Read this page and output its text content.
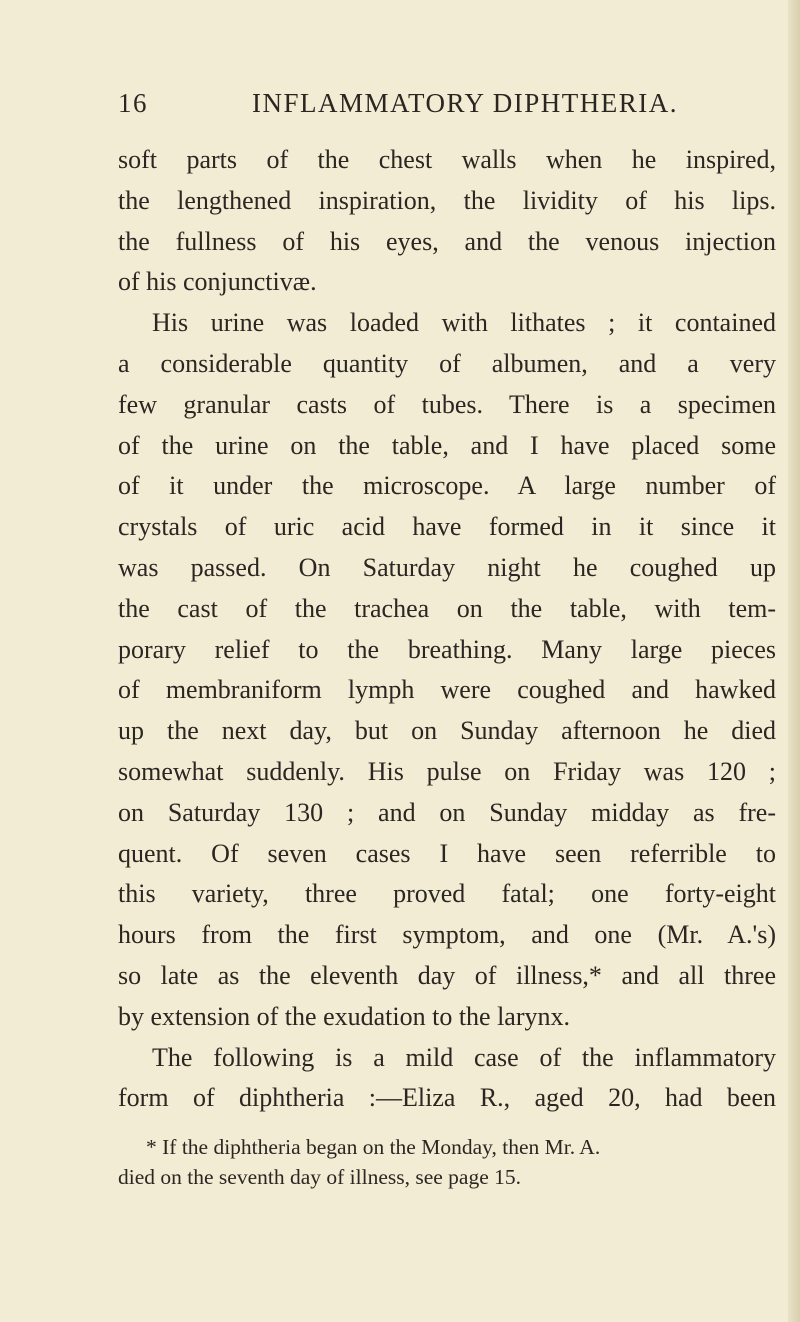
16	INFLAMMATORY DIPHTHERIA.
soft parts of the chest walls when he inspired,
the lengthened inspiration, the lividity of his lips.
the fullness of his eyes, and the venous injection
of his conjunctivæ.
His urine was loaded with lithates ; it contained
a considerable quantity of albumen, and a very
few granular casts of tubes. There is a specimen
of the urine on the table, and I have placed some
of it under the microscope. A large number of
crystals of uric acid have formed in it since it
was passed. On Saturday night he coughed up
the cast of the trachea on the table, with tem-
porary relief to the breathing. Many large pieces
of membraniform lymph were coughed and hawked
up the next day, but on Sunday afternoon he died
somewhat suddenly. His pulse on Friday was 120 ;
on Saturday 130 ; and on Sunday midday as fre-
quent. Of seven cases I have seen referrible to
this variety, three proved fatal; one forty-eight
hours from the first symptom, and one (Mr. A.'s)
so late as the eleventh day of illness,* and all three
by extension of the exudation to the larynx.
The following is a mild case of the inflammatory
form of diphtheria :—Eliza R., aged 20, had been
* If the diphtheria began on the Monday, then Mr. A.
died on the seventh day of illness, see page 15.
